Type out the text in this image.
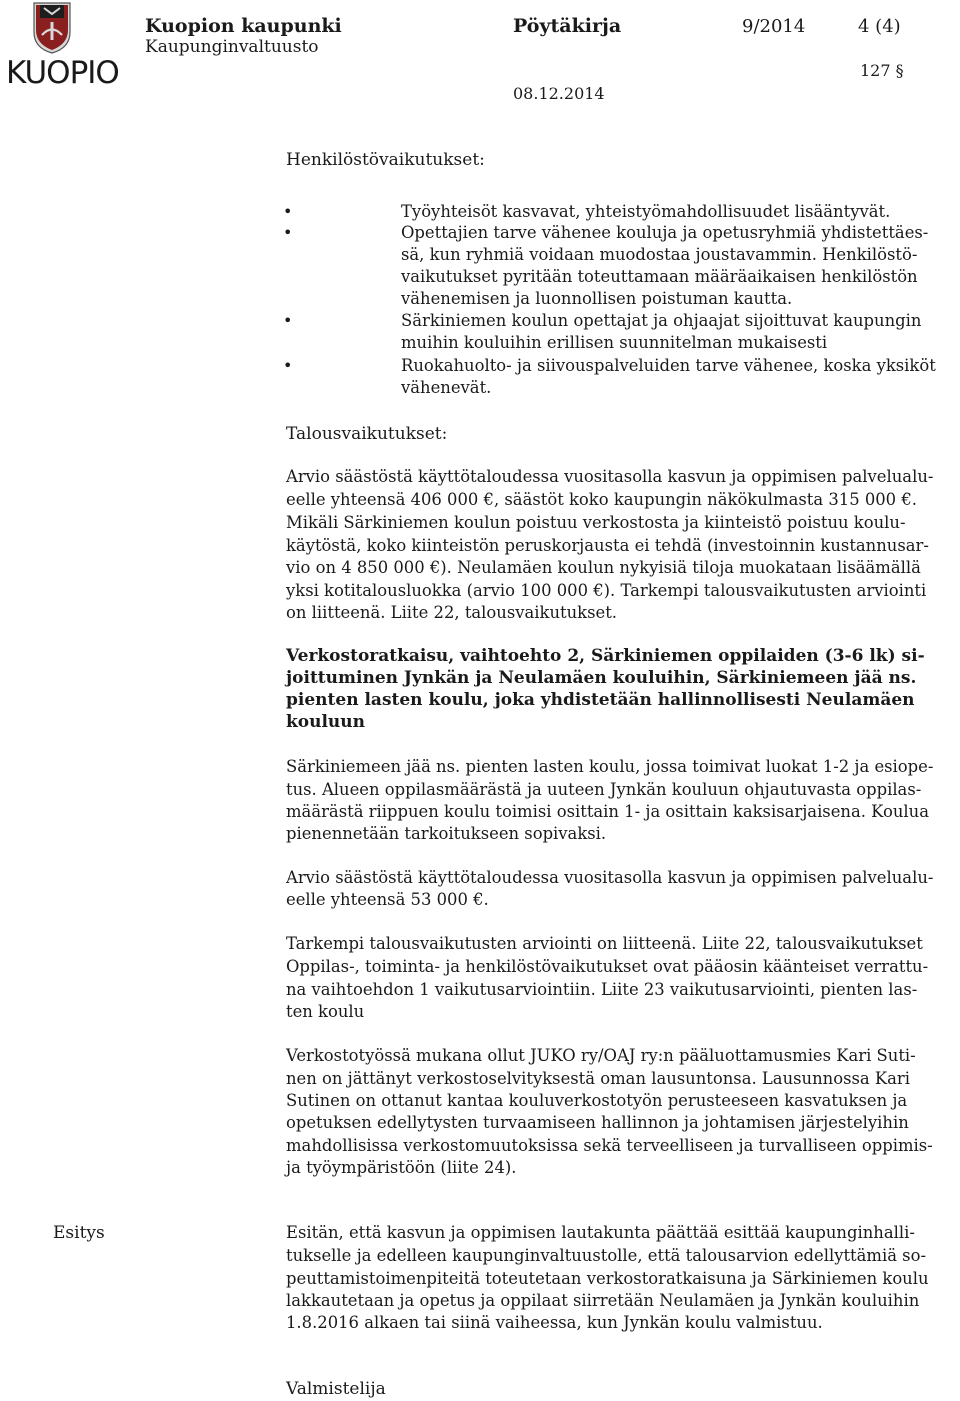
KUOPIO
Kuopion kaupunki	Pöytäkirja	9/2014	4 (4)
Kaupunginvaltuusto
127 §
08.12.2014
Henkilöstövaikutukset:
•	Työyhteisöt kasvavat, yhteistyömahdollisuudet lisääntyvät.
•	Opettajien tarve vähenee kouluja ja opetusryhmiä yhdistettäes-
sä, kun ryhmiä voidaan muodostaa joustavammin. Henkilöstö-
vaikutukset pyritään toteuttamaan määräaikaisen henkilöstön
vähenemisen ja luonnollisen poistuman kautta.
•	Särkiniemen koulun opettajat ja ohjaajat sijoittuvat kaupungin
muihin kouluihin erillisen suunnitelman mukaisesti
•	Ruokahuolto- ja siivouspalveluiden tarve vähenee, koska yksiköt
vähenevät.
Talousvaikutukset:
Arvio säästöstä käyttötaloudessa vuositasolla kasvun ja oppimisen palvelualu-
eelle yhteensä 406 000 €, säästöt koko kaupungin näkökulmasta 315 000 €.
Mikäli Särkiniemen koulun poistuu verkostosta ja kiinteistö poistuu koulu-
käytöstä, koko kiinteistön peruskorjausta ei tehdä (investoinnin kustannusar-
vio on 4 850 000 €). Neulamäen koulun nykyisiä tiloja muokataan lisäämällä
yksi kotitalousluokka (arvio 100 000 €). Tarkempi talousvaikutusten arviointi
on liitteenä. Liite 22, talousvaikutukset.
Verkostoratkaisu, vaihtoehto 2, Särkiniemen oppilaiden (3-6 lk) si-
joittuminen Jynkän ja Neulamäen kouluihin, Särkiniemeen jää ns.
pienten lasten koulu, joka yhdistetään hallinnollisesti Neulamäen
kouluun
Särkiniemeen jää ns. pienten lasten koulu, jossa toimivat luokat 1-2 ja esiope-
tus. Alueen oppilasmäärästä ja uuteen Jynkän kouluun ohjautuvasta oppilas-
määrästä riippuen koulu toimisi osittain 1- ja osittain kaksisarjaisena. Koulua
pienennetään tarkoitukseen sopivaksi.
Arvio säästöstä käyttötaloudessa vuositasolla kasvun ja oppimisen palvelualu-
eelle yhteensä 53 000 €.
Tarkempi talousvaikutusten arviointi on liitteenä. Liite 22, talousvaikutukset
Oppilas-, toiminta- ja henkilöstövaikutukset ovat pääosin käänteiset verrattu-
na vaihtoehdon 1 vaikutusarviointiin. Liite 23 vaikutusarviointi, pienten las-
ten koulu
Verkostotyössä mukana ollut JUKO ry/OAJ ry:n pääluottamusmies Kari Suti-
nen on jättänyt verkostoselvityksestä oman lausuntonsa. Lausunnossa Kari
Sutinen on ottanut kantaa kouluverkostotyön perusteeseen kasvatuksen ja
opetuksen edellytysten turvaamiseen hallinnon ja johtamisen järjestelyihin
mahdollisissa verkostomuutoksissa sekä terveelliseen ja turvalliseen oppimis-
ja työympäristöön (liite 24).
Esitys	Esitän, että kasvun ja oppimisen lautakunta päättää esittää kaupunginhalli-
tukselle ja edelleen kaupunginvaltuustolle, että talousarvion edellyttämiä so-
peuttamistoimenpiteitä toteutetaan verkostoratkaisuna ja Särkiniemen koulu
lakkautetaan ja opetus ja oppilaat siirretään Neulamäen ja Jynkän kouluihin
1.8.2016 alkaen tai siinä vaiheessa, kun Jynkän koulu valmistuu.
Valmistelija
